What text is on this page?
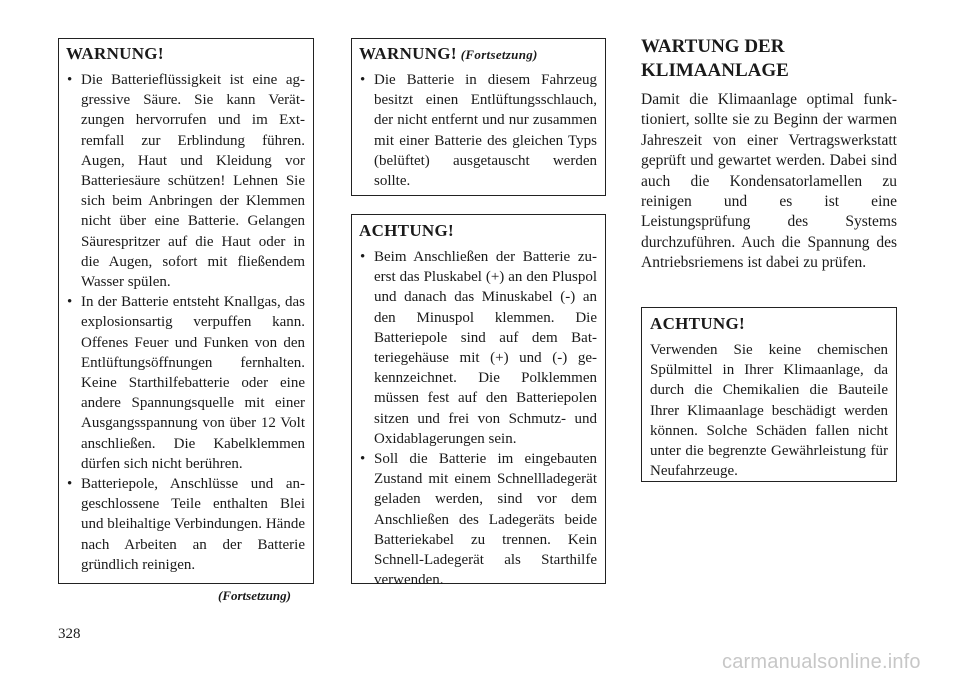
WARNUNG!
• Die Batterieflüssigkeit ist eine aggressive Säure. Sie kann Verätzungen hervorrufen und im Extremfall zur Erblindung führen. Augen, Haut und Kleidung vor Batteriesäure schützen! Lehnen Sie sich beim Anbringen der Klemmen nicht über eine Batterie. Gelangen Säurespritzer auf die Haut oder in die Augen, sofort mit fließendem Wasser spülen.
• In der Batterie entsteht Knallgas, das explosionsartig verpuffen kann. Offenes Feuer und Funken von den Entlüftungsöffnungen fernhalten. Keine Starthilfebatterie oder eine andere Spannungsquelle mit einer Ausgangsspannung von über 12 Volt anschließen. Die Kabelklemmen dürfen sich nicht berühren.
• Batteriepole, Anschlüsse und angeschlossene Teile enthalten Blei und bleihaltige Verbindungen. Hände nach Arbeiten an der Batterie gründlich reinigen.
(Fortsetzung)
WARNUNG! (Fortsetzung)
• Die Batterie in diesem Fahrzeug besitzt einen Entlüftungsschlauch, der nicht entfernt und nur zusammen mit einer Batterie des gleichen Typs (belüftet) ausgetauscht werden sollte.
ACHTUNG!
• Beim Anschließen der Batterie zuerst das Pluskabel (+) an den Pluspol und danach das Minuskabel (-) an den Minuspol klemmen. Die Batteriepole sind auf dem Batteriegehäuse mit (+) und (-) gekennzeichnet. Die Polklemmen müssen fest auf den Batteriepolen sitzen und frei von Schmutz- und Oxidablagerungen sein.
• Soll die Batterie im eingebauten Zustand mit einem Schnellladegerät geladen werden, sind vor dem Anschließen des Ladegeräts beide Batteriekabel zu trennen. Kein Schnell-Ladegerät als Starthilfe verwenden.
WARTUNG DER
KLIMAANLAGE

Damit die Klimaanlage optimal funktioniert, sollte sie zu Beginn der warmen Jahreszeit von einer Vertragswerkstatt geprüft und gewartet werden. Dabei sind auch die Kondensatorlamellen zu reinigen und es ist eine Leistungsprüfung des Systems durchzuführen. Auch die Spannung des Antriebsriemens ist dabei zu prüfen.

ACHTUNG!

Verwenden Sie keine chemischen Spülmittel in Ihrer Klimaanlage, da durch die Chemikalien die Bauteile Ihrer Klimaanlage beschädigt werden können. Solche Schäden fallen nicht unter die begrenzte Gewährleistung für Neufahrzeuge.

328
carmanualsonline.info
